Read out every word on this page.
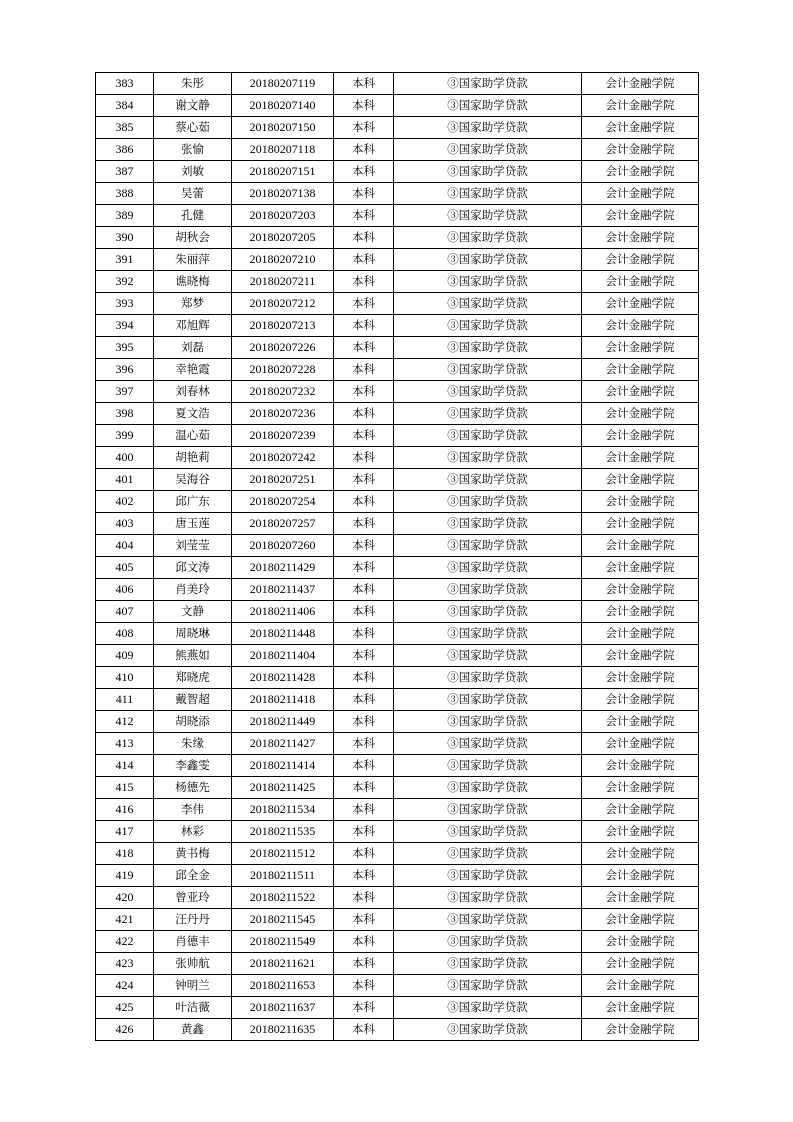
383	朱彤	20180207119	本科	③国家助学贷款	会计金融学院
384	谢文静	20180207140	本科	③国家助学贷款	会计金融学院
385	蔡心茹	20180207150	本科	③国家助学贷款	会计金融学院
386	张愉	20180207118	本科	③国家助学贷款	会计金融学院
387	刘敏	20180207151	本科	③国家助学贷款	会计金融学院
388	吴蕾	20180207138	本科	③国家助学贷款	会计金融学院
389	孔健	20180207203	本科	③国家助学贷款	会计金融学院
390	胡秋会	20180207205	本科	③国家助学贷款	会计金融学院
391	朱丽萍	20180207210	本科	③国家助学贷款	会计金融学院
392	谯晓梅	20180207211	本科	③国家助学贷款	会计金融学院
393	郑梦	20180207212	本科	③国家助学贷款	会计金融学院
394	邓旭辉	20180207213	本科	③国家助学贷款	会计金融学院
395	刘磊	20180207226	本科	③国家助学贷款	会计金融学院
396	幸艳霞	20180207228	本科	③国家助学贷款	会计金融学院
397	刘春林	20180207232	本科	③国家助学贷款	会计金融学院
398	夏文浩	20180207236	本科	③国家助学贷款	会计金融学院
399	温心茹	20180207239	本科	③国家助学贷款	会计金融学院
400	胡艳莉	20180207242	本科	③国家助学贷款	会计金融学院
401	吴海谷	20180207251	本科	③国家助学贷款	会计金融学院
402	邱广东	20180207254	本科	③国家助学贷款	会计金融学院
403	唐玉莲	20180207257	本科	③国家助学贷款	会计金融学院
404	刘莹莹	20180207260	本科	③国家助学贷款	会计金融学院
405	邱文涛	20180211429	本科	③国家助学贷款	会计金融学院
406	肖美玲	20180211437	本科	③国家助学贷款	会计金融学院
407	文静	20180211406	本科	③国家助学贷款	会计金融学院
408	周晓琳	20180211448	本科	③国家助学贷款	会计金融学院
409	熊燕如	20180211404	本科	③国家助学贷款	会计金融学院
410	郑晓虎	20180211428	本科	③国家助学贷款	会计金融学院
411	戴智超	20180211418	本科	③国家助学贷款	会计金融学院
412	胡晓添	20180211449	本科	③国家助学贷款	会计金融学院
413	朱缘	20180211427	本科	③国家助学贷款	会计金融学院
414	李鑫雯	20180211414	本科	③国家助学贷款	会计金融学院
415	杨德先	20180211425	本科	③国家助学贷款	会计金融学院
416	李伟	20180211534	本科	③国家助学贷款	会计金融学院
417	林彩	20180211535	本科	③国家助学贷款	会计金融学院
418	黄书梅	20180211512	本科	③国家助学贷款	会计金融学院
419	邱全金	20180211511	本科	③国家助学贷款	会计金融学院
420	曾亚玲	20180211522	本科	③国家助学贷款	会计金融学院
421	汪丹丹	20180211545	本科	③国家助学贷款	会计金融学院
422	肖德丰	20180211549	本科	③国家助学贷款	会计金融学院
423	张帅航	20180211621	本科	③国家助学贷款	会计金融学院
424	钟明兰	20180211653	本科	③国家助学贷款	会计金融学院
425	叶洁薇	20180211637	本科	③国家助学贷款	会计金融学院
426	黄鑫	20180211635	本科	③国家助学贷款	会计金融学院
